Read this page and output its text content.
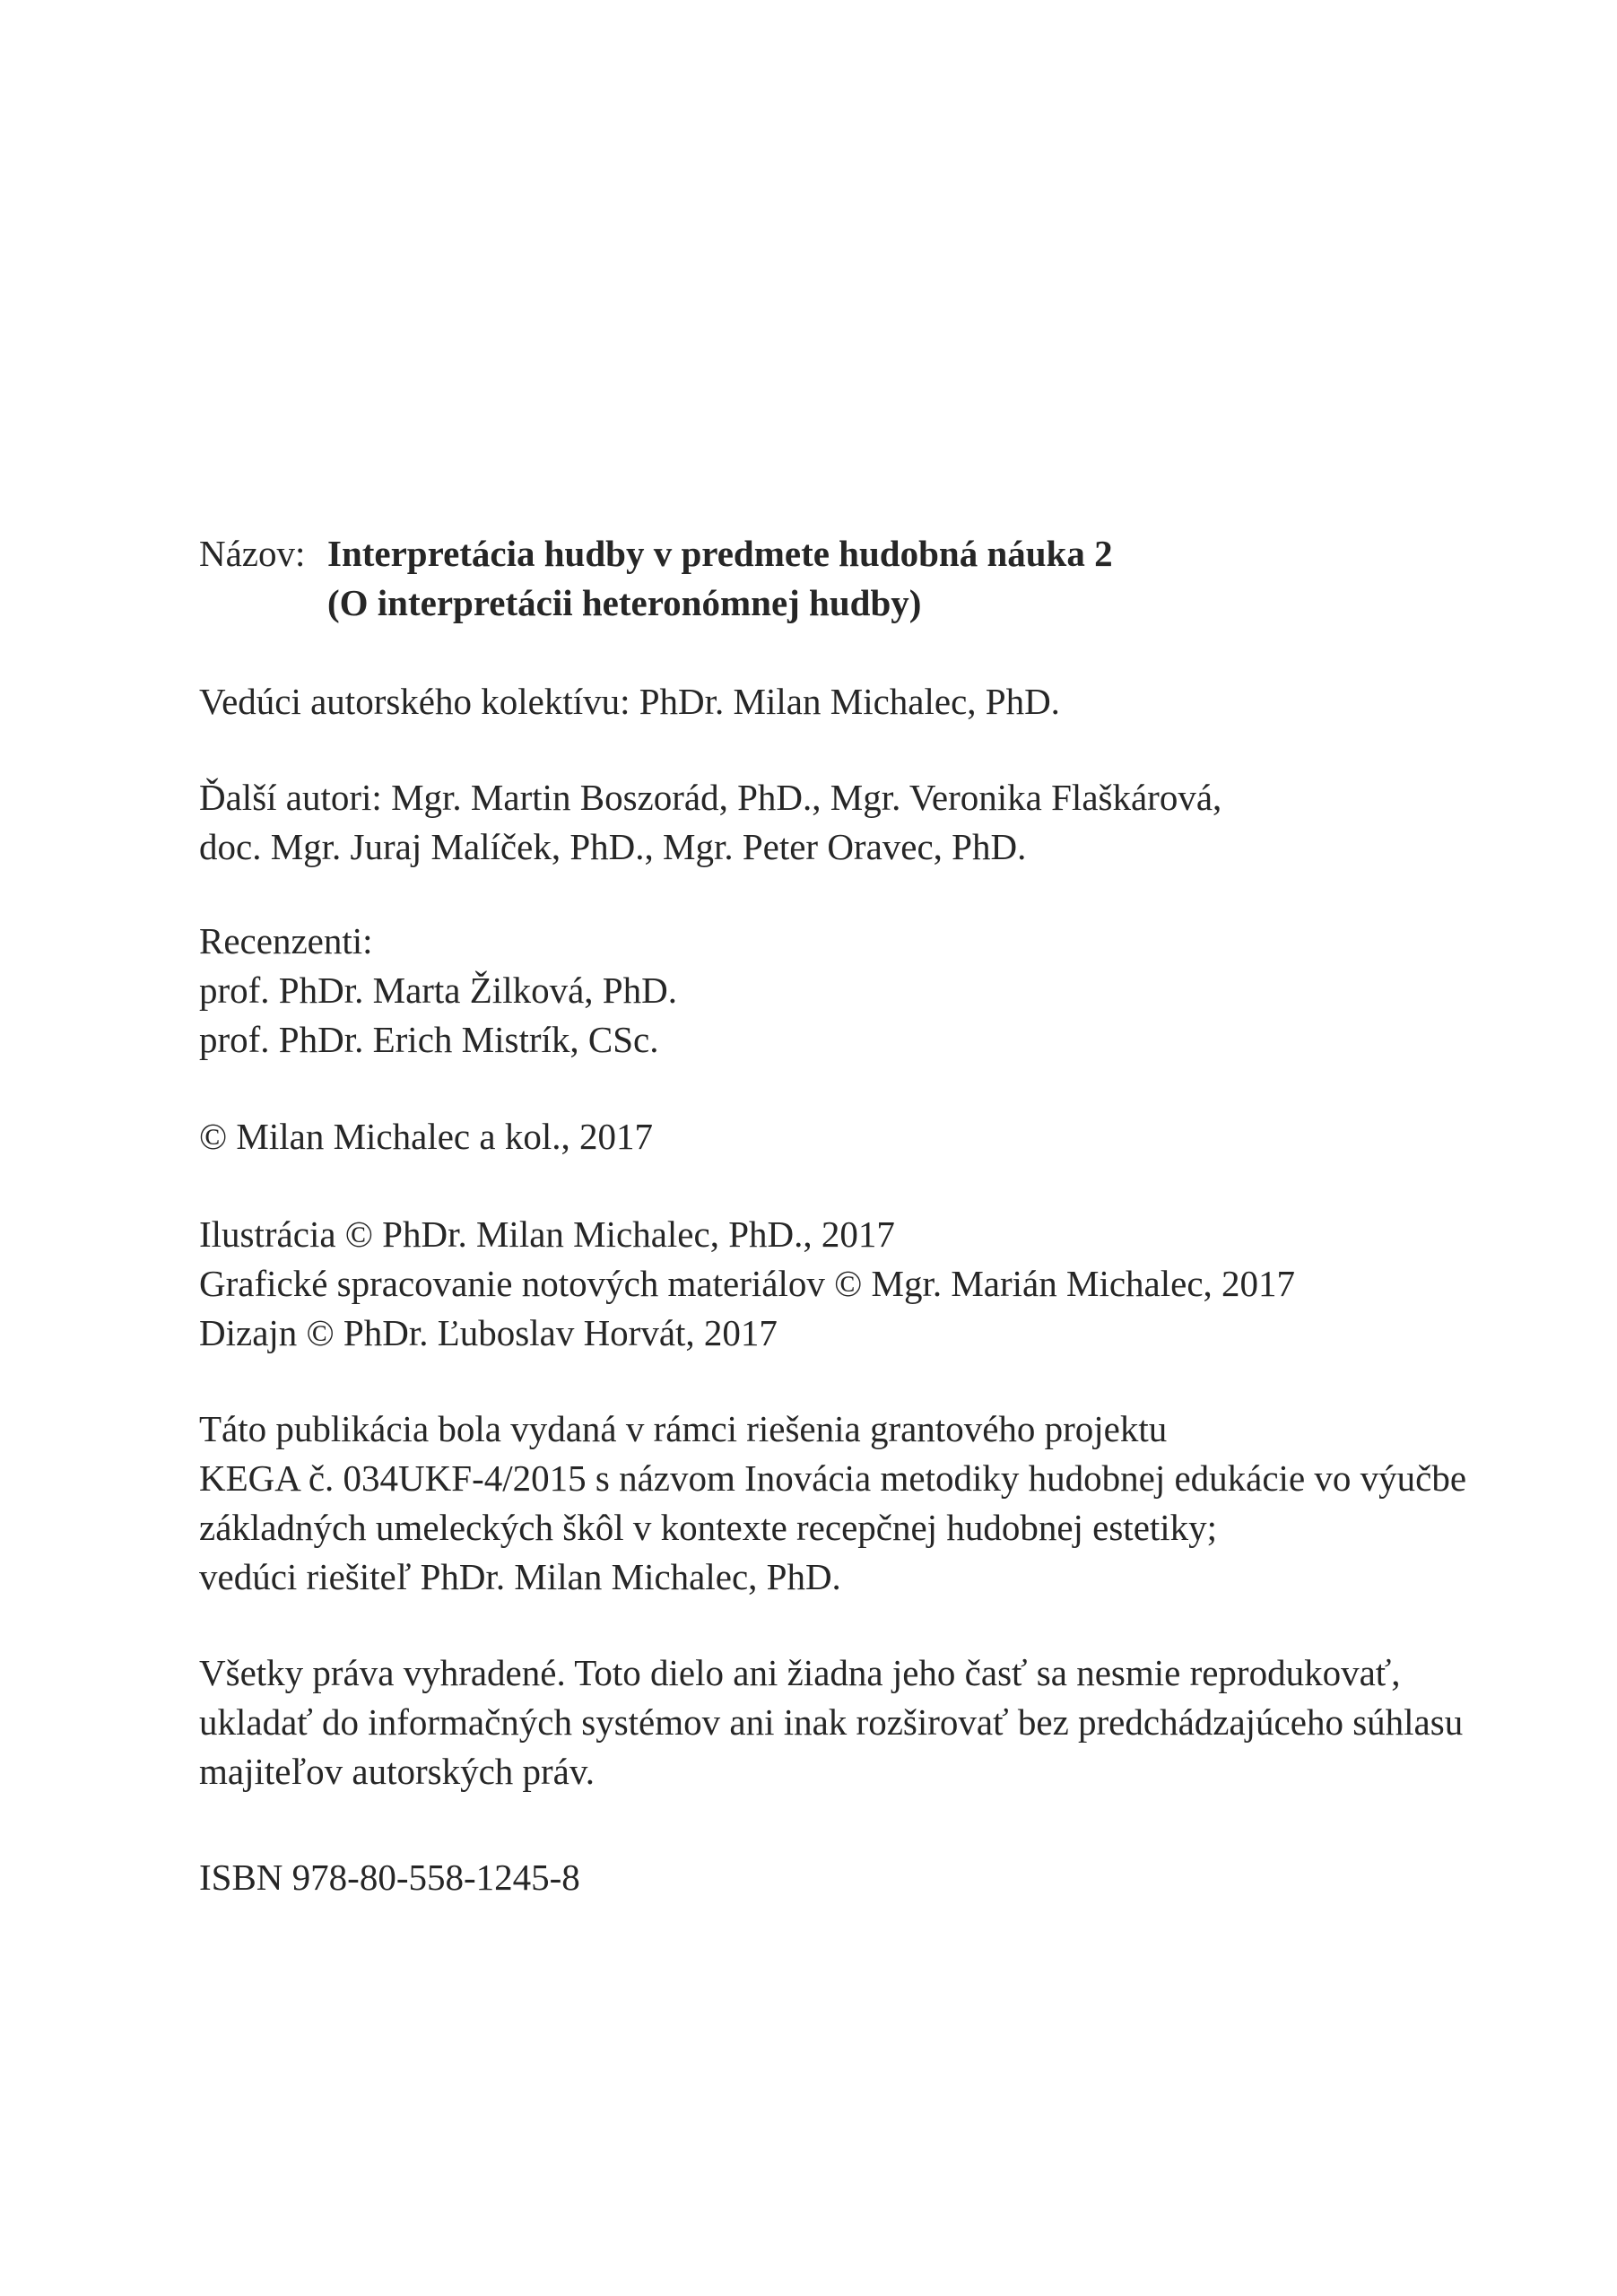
Názov: Interpretácia hudby v predmete hudobná náuka 2
(O interpretácii heteronómnej hudby)
Vedúci autorského kolektívu: PhDr. Milan Michalec, PhD.
Ďalší autori: Mgr. Martin Boszorád, PhD., Mgr. Veronika Flaškárová,
doc. Mgr. Juraj Malíček, PhD., Mgr. Peter Oravec, PhD.
Recenzenti:
prof. PhDr. Marta Žilková, PhD.
prof. PhDr. Erich Mistrík, CSc.
© Milan Michalec a kol., 2017
Ilustrácia © PhDr. Milan Michalec, PhD., 2017
Grafické spracovanie notových materiálov © Mgr. Marián Michalec, 2017
Dizajn © PhDr. Ľuboslav Horvát, 2017
Táto publikácia bola vydaná v rámci riešenia grantového projektu
KEGA č. 034UKF-4/2015 s názvom Inovácia metodiky hudobnej edukácie vo výučbe
základných umeleckých škôl v kontexte recepčnej hudobnej estetiky;
vedúci riešiteľ PhDr. Milan Michalec, PhD.
Všetky práva vyhradené. Toto dielo ani žiadna jeho časť sa nesmie reprodukovať,
ukladať do informačných systémov ani inak rozširovať bez predchádzajúceho súhlasu
majiteľov autorských práv.
ISBN 978-80-558-1245-8
